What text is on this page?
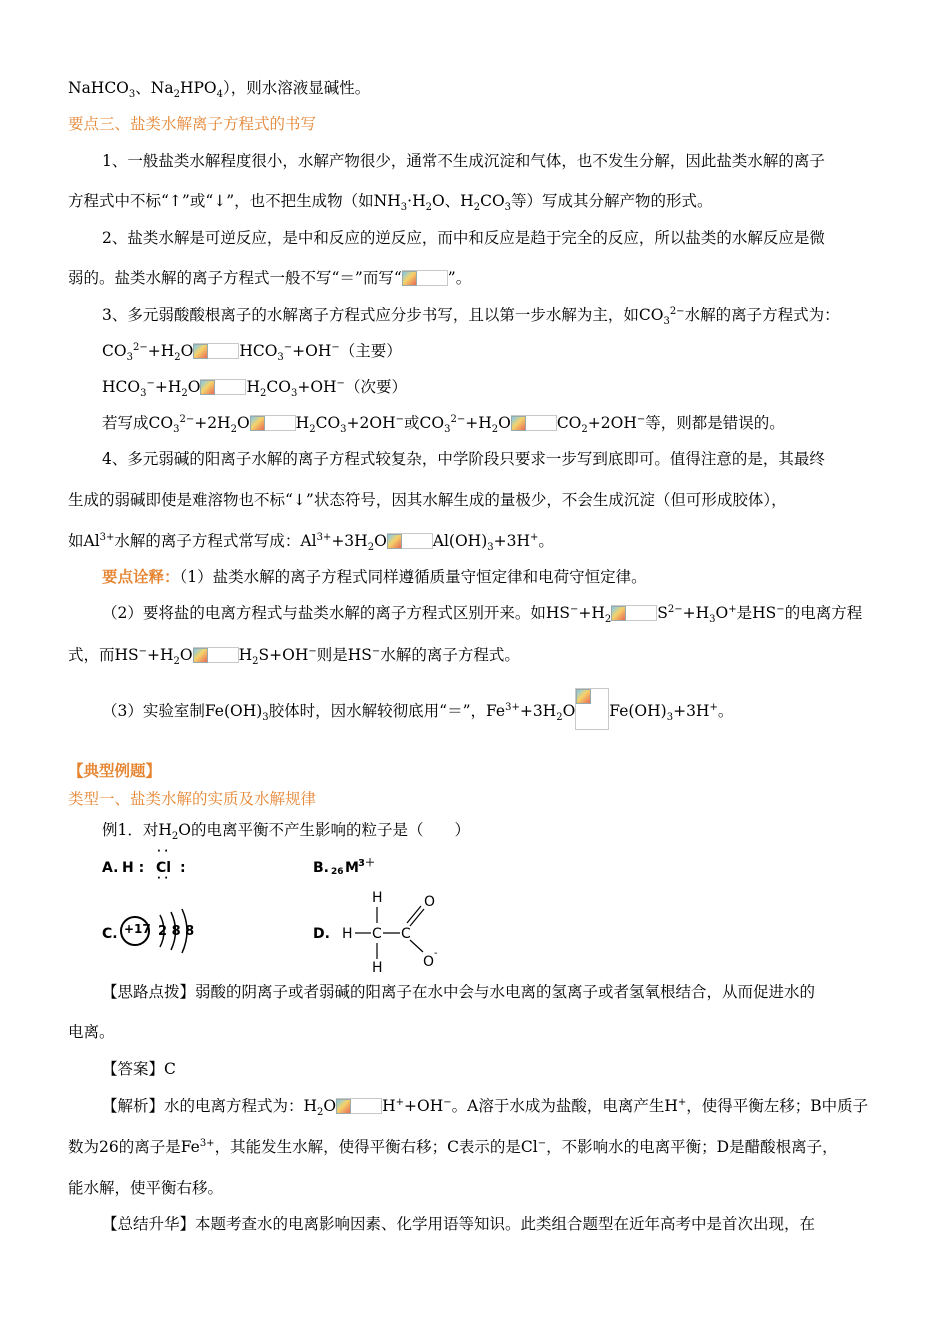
NaHCO$_3$、$Na_2HPO_4$），则水溶液显碱性。
要点三、盐类水解离子方程式的书写
1、一般盐类水解程度很小，水解产物很少，通常不生成沉淀和气体，也不发生分解，因此盐类水解的离子
方程式中不标“↑”或“↓”，也不把生成物（如$NH_3\cdot H_2O$、$H_2CO_3$等）写成其分解产物的形式。
2、盐类水解是可逆反应，是中和反应的逆反应，而中和反应是趋于完全的反应，所以盐类的水解反应是微
弱的。盐类水解的离子方程式一般不写“＝”而写“	”。
3、多元弱酸酸根离子的水解离子方程式应分步书写，且以第一步水解为主，如$CO_3^{2-}$水解的离子方程式为：
$CO_3^{2-}+H_2O$	$HCO_3^-+OH^-$（主要）
$HCO_3^-+H_2O$	$H_2CO_3+OH^-$（次要）
若写成$CO_3^{2-}+2H_2O$	$H_2CO_3+2OH^-$或$CO_3^{2-}+H_2O$	$CO_2+2OH^-$等，则都是错误的。
4、多元弱碱的阳离子水解的离子方程式较复杂，中学阶段只要求一步写到底即可。值得注意的是，其最终
生成的弱碱即使是难溶物也不标“↓”状态符号，因其水解生成的量极少，不会生成沉淀（但可形成胶体），
如$Al^{3+}$水解的离子方程式常写成：$Al^{3+}+3H_2O$	$Al(OH)_3+3H^+$。
要点诠释：（1）盐类水解的离子方程式同样遵循质量守恒定律和电荷守恒定律。
（2）要将盐的电离方程式与盐类水解的离子方程式区别开来。如$HS^-+H_2$	$S^{2-}+H_3O^+$是HS−的电离方程
式，而$HS^-+H_2O$	$H_2S+OH^-$则是HS−水解的离子方程式。
（3）实验室制$Fe(OH)_3$胶体时，因水解较彻底用“＝”，$Fe^{3+}+3H_2O$ $Fe(OH)_3+3H^+$。
【典型例题】
类型一、盐类水解的实质及水解规律
例1．对$H_2O$的电离平衡不产生影响的粒子是（　　）
A. H :
· ·
Cl
· ·
:	B. 26 M 3＋
C. +17 2 8 8	D. H C C
H
H
O
O
-
【思路点拨】弱酸的阴离子或者弱碱的阳离子在水中会与水电离的氢离子或者氢氧根结合，从而促进水的
电离。
【答案】C
【解析】水的电离方程式为：$H_2O$	H++OH−。A溶于水成为盐酸，电离产生H+，使得平衡左移；B中质子
数为26的离子是$Fe^{3+}$，其能发生水解，使得平衡右移；C表示的是Cl−，不影响水的电离平衡；D是醋酸根离子，
能水解，使平衡右移。
【总结升华】本题考查水的电离影响因素、化学用语等知识。此类组合题型在近年高考中是首次出现，在
